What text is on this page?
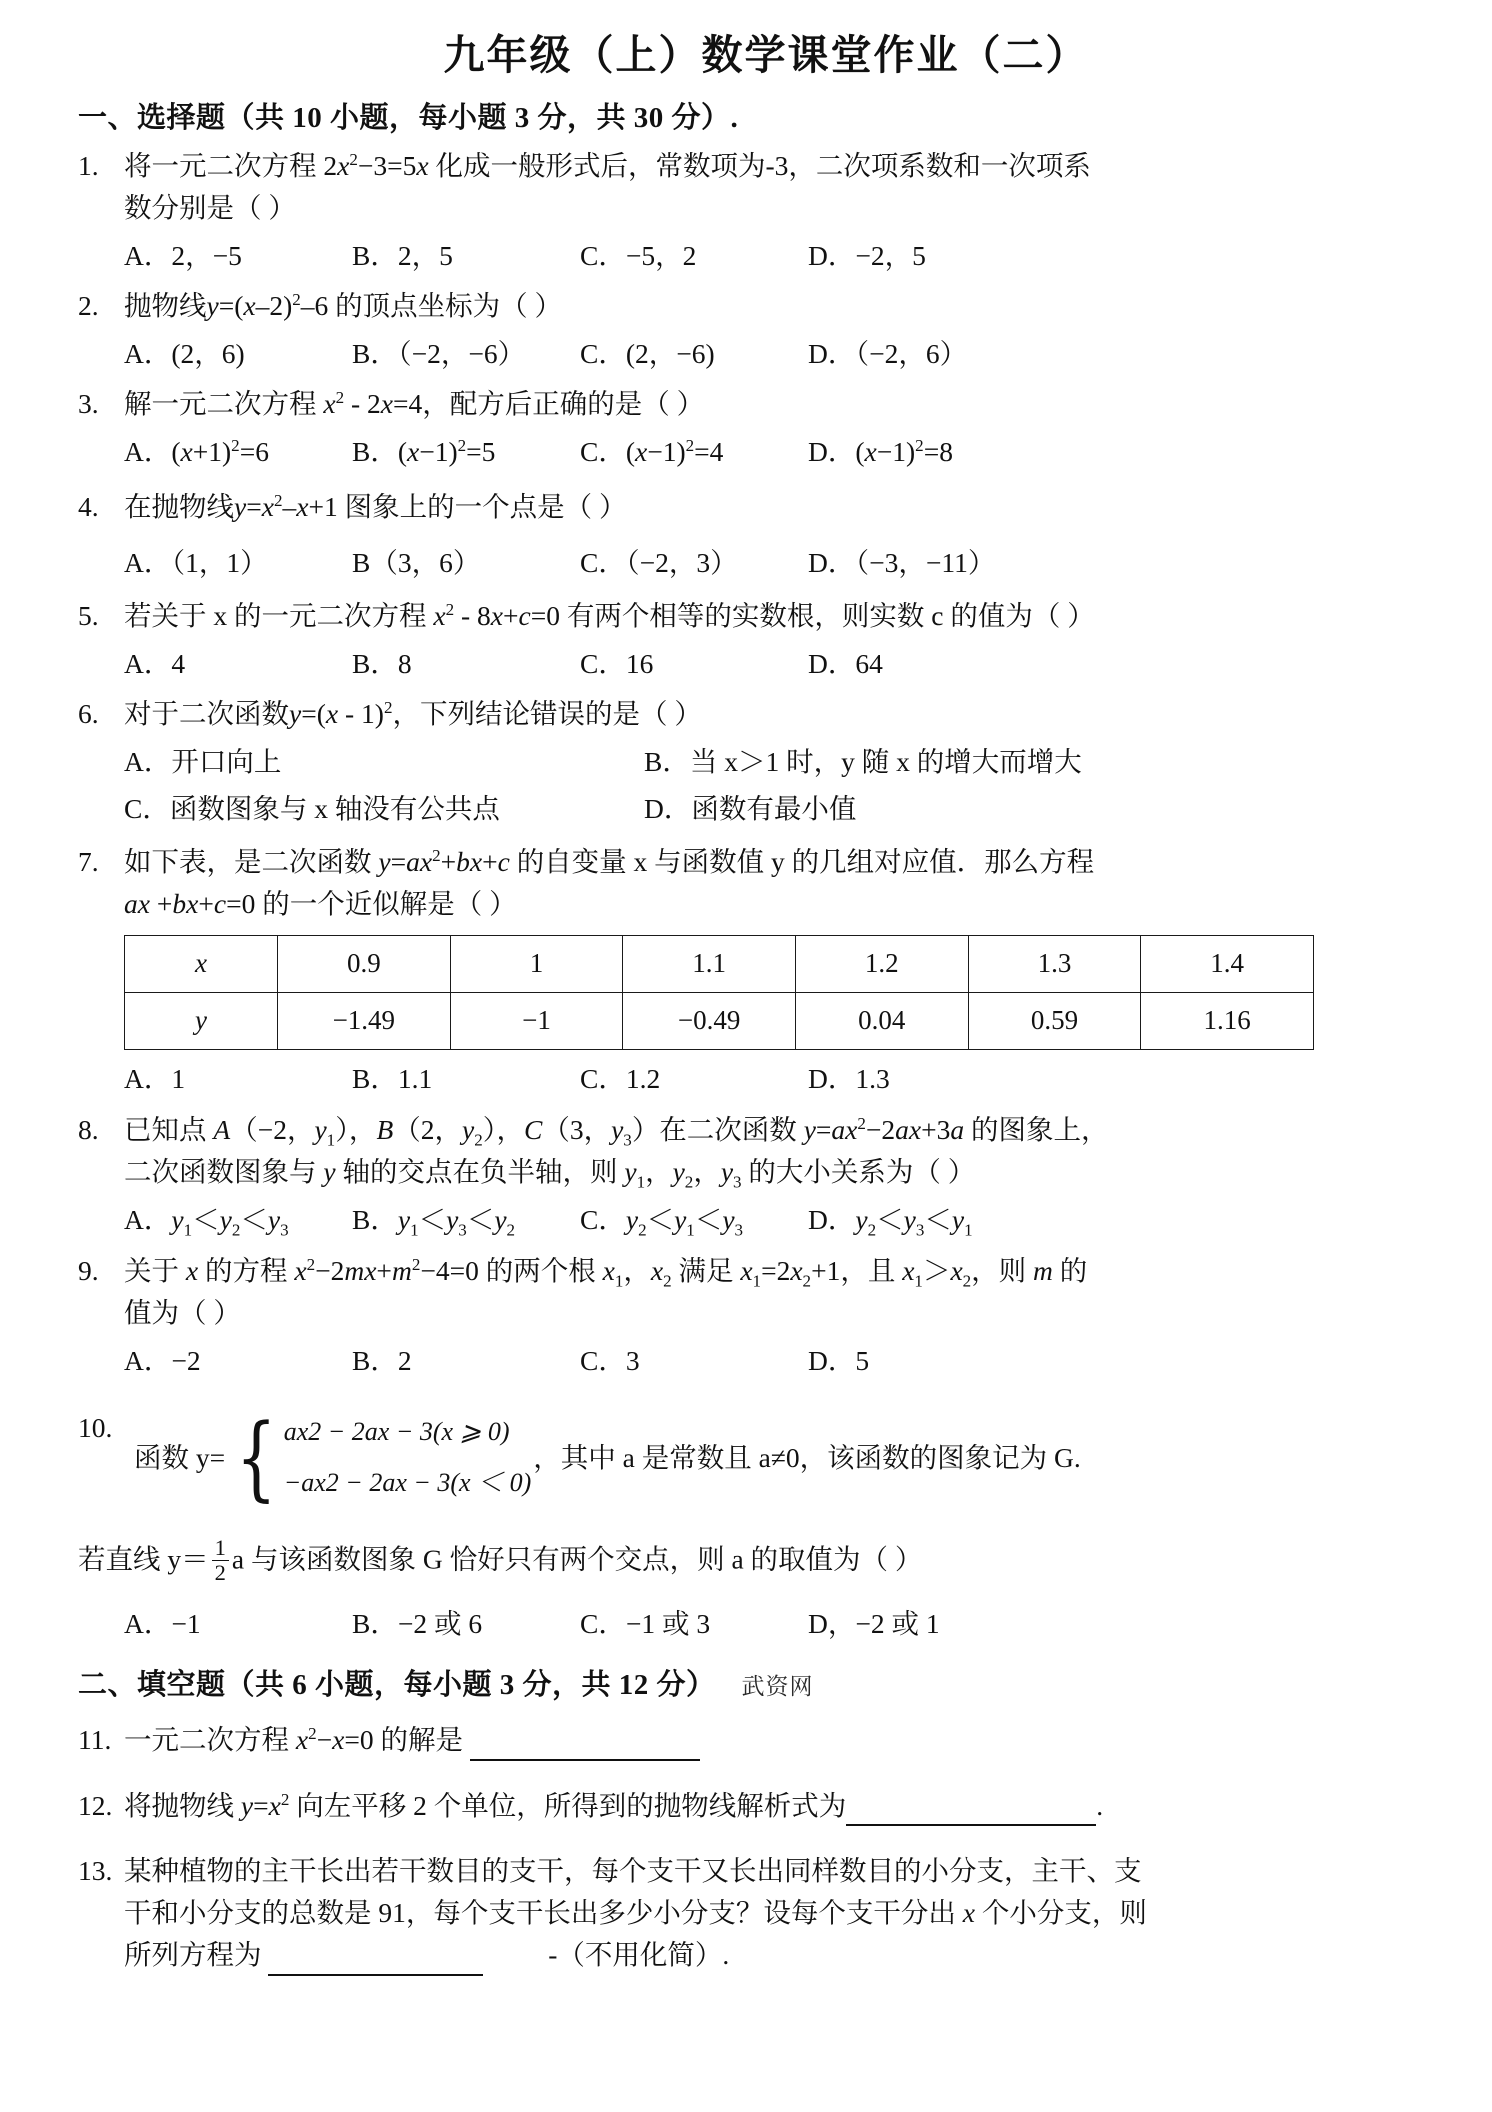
九年级（上）数学课堂作业（二）
一、选择题（共 10 小题，每小题 3 分，共 30 分）.
1. 将一元二次方程 $2x^2-3=5x$ 化成一般形式后，常数项为‑3，二次项系数和一次项系
数分别是（ ）
A．2，−5	B．2，5	C．−5，2	D．−2，5
2. 抛物线$y=(x-2)^2-6$ 的顶点坐标为（ ）
A．(2，6)	B．（−2，−6）	C．(2，−6)	D．（−2，6）
3. 解一元二次方程 $x^2 - 2x=4$，配方后正确的是（ ）
A．$(x+1)^2=6$	B．$(x-1)^2=5$	C．$(x-1)^2=4$	D．$(x-1)^2=8$
4. 在抛物线$y=x^2-x+1$ 图象上的一个点是（ ）
A．（1，1）	B（3，6）	C．（−2，3）	D．（−3，−11）
5. 若关于 x 的一元二次方程 $x^2 - 8x+c=0$ 有两个相等的实数根，则实数 c 的值为（ ）
A．4	B．8	C．16	D．64
6. 对于二次函数y=(x - 1)$^2$，下列结论错误的是（ ）
A．开口向上	B．当 x＞1 时，y 随 x 的增大而增大
C．函数图象与 x 轴没有公共点	D．函数有最小值
7. 如下表，是二次函数 $y=ax^2+bx+c$ 的自变量 x 与函数值 y 的几组对应值．那么方程
ax +bx+c=0 的一个近似解是（ ）
x	0.9	1	1.1	1.2	1.3	1.4
y	−1.49	−1	−0.49	0.04	0.59	1.16
A．1	B．1.1	C．1.2	D．1.3
8. 已知点 A（−2，$y_1$），B（2，$y_2$），C（3，$y_3$）在二次函数 $y=ax^2-2ax+3a$ 的图象上，
二次函数图象与 y 轴的交点在负半轴，则 $y_1$，$y_2$，$y_3$ 的大小关系为（ ）
A．$y_1<y_2<y_3$	B．$y_1<y_3<y_2$	C．$y_2<y_1<y_3$	D．$y_2<y_3<y_1$
9. 关于 x 的方程 $x^2-2mx+m^2-4=0$ 的两个根 $x_1$，$x_2$ 满足 $x_1=2x_2+1$，且 $x_1>x_2$，则 m 的
值为（ ）
A．−2	B．2	C．3	D．5
10.
函数 y= { ax2 − 2ax − 3(x ⩾ 0)
−ax2 − 2ax − 3(x ＜ 0)
，其中 a 是常数且 a≠0，该函数的图象记为 G.
若直线 $y= \frac{1}{2}$ a 与该函数图象 G 恰好只有两个交点，则 a 的取值为（ ）
A．−1	B．−2 或 6	C．−1 或 3	D，−2 或 1
二、填空题（共 6 小题，每小题 3 分，共 12 分） 武资网
11. 一元二次方程 $x^2-x=0$ 的解是
12. 将抛物线 $y=x^2$ 向左平移 2 个单位，所得到的抛物线解析式为	.
13. 某种植物的主干长出若干数目的支干，每个支干又长出同样数目的小分支，主干、支
干和小分支的总数是 91，每个支干长出多少小分支？设每个支干分出 x 个小分支，则
所列方程为	‑（不用化简）.
